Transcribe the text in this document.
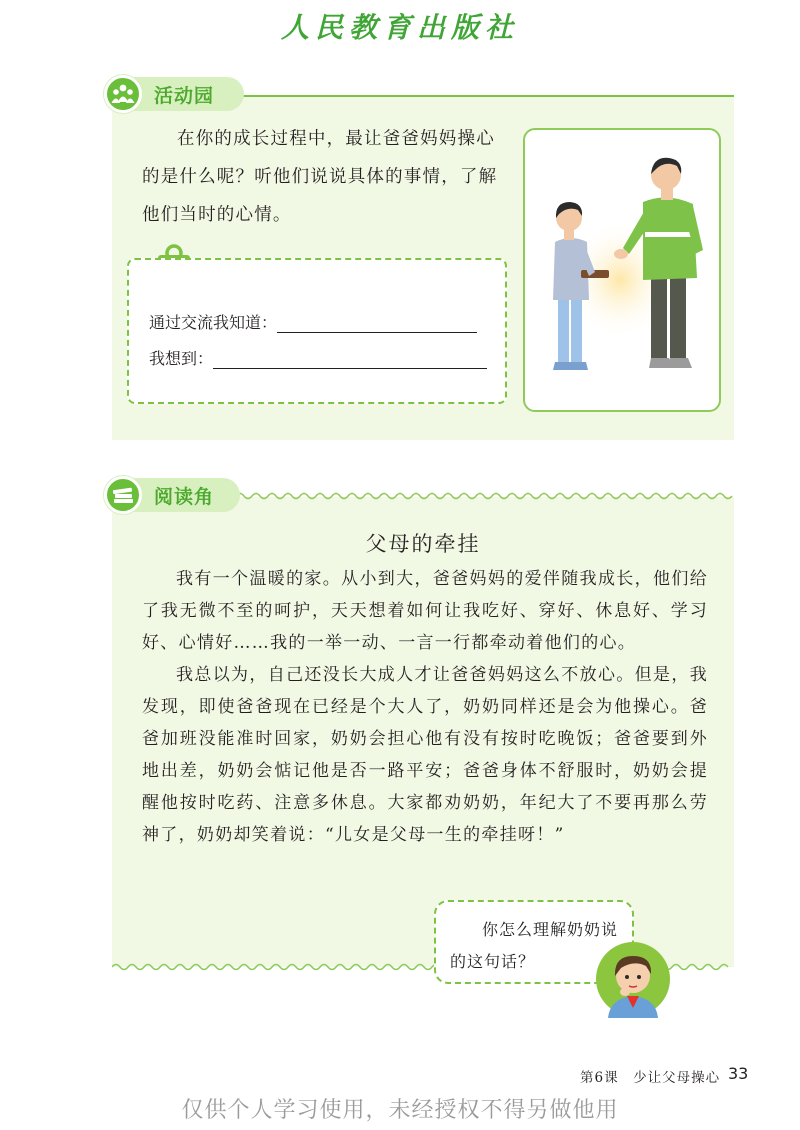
人民教育出版社
活动园

在你的成长过程中，最让爸爸妈妈操心的是什么呢？听他们说说具体的事情，了解他们当时的心情。

通过交流我知道：
我想到：
阅读角
父母的牵挂

我有一个温暖的家。从小到大，爸爸妈妈的爱伴随我成长，他们给了我无微不至的呵护，天天想着如何让我吃好、穿好、休息好、学习好、心情好……我的一举一动、一言一行都牵动着他们的心。

我总以为，自己还没长大成人才让爸爸妈妈这么不放心。但是，我发现，即使爸爸现在已经是个大人了，奶奶同样还是会为他操心。爸爸加班没能准时回家，奶奶会担心他有没有按时吃晚饭；爸爸要到外地出差，奶奶会惦记他是否一路平安；爸爸身体不舒服时，奶奶会提醒他按时吃药、注意多休息。大家都劝奶奶，年纪大了不要再那么劳神了，奶奶却笑着说：“儿女是父母一生的牵挂呀！”

你怎么理解奶奶说的这句话？

第6课　少让父母操心 33
仅供个人学习使用，未经授权不得另做他用
